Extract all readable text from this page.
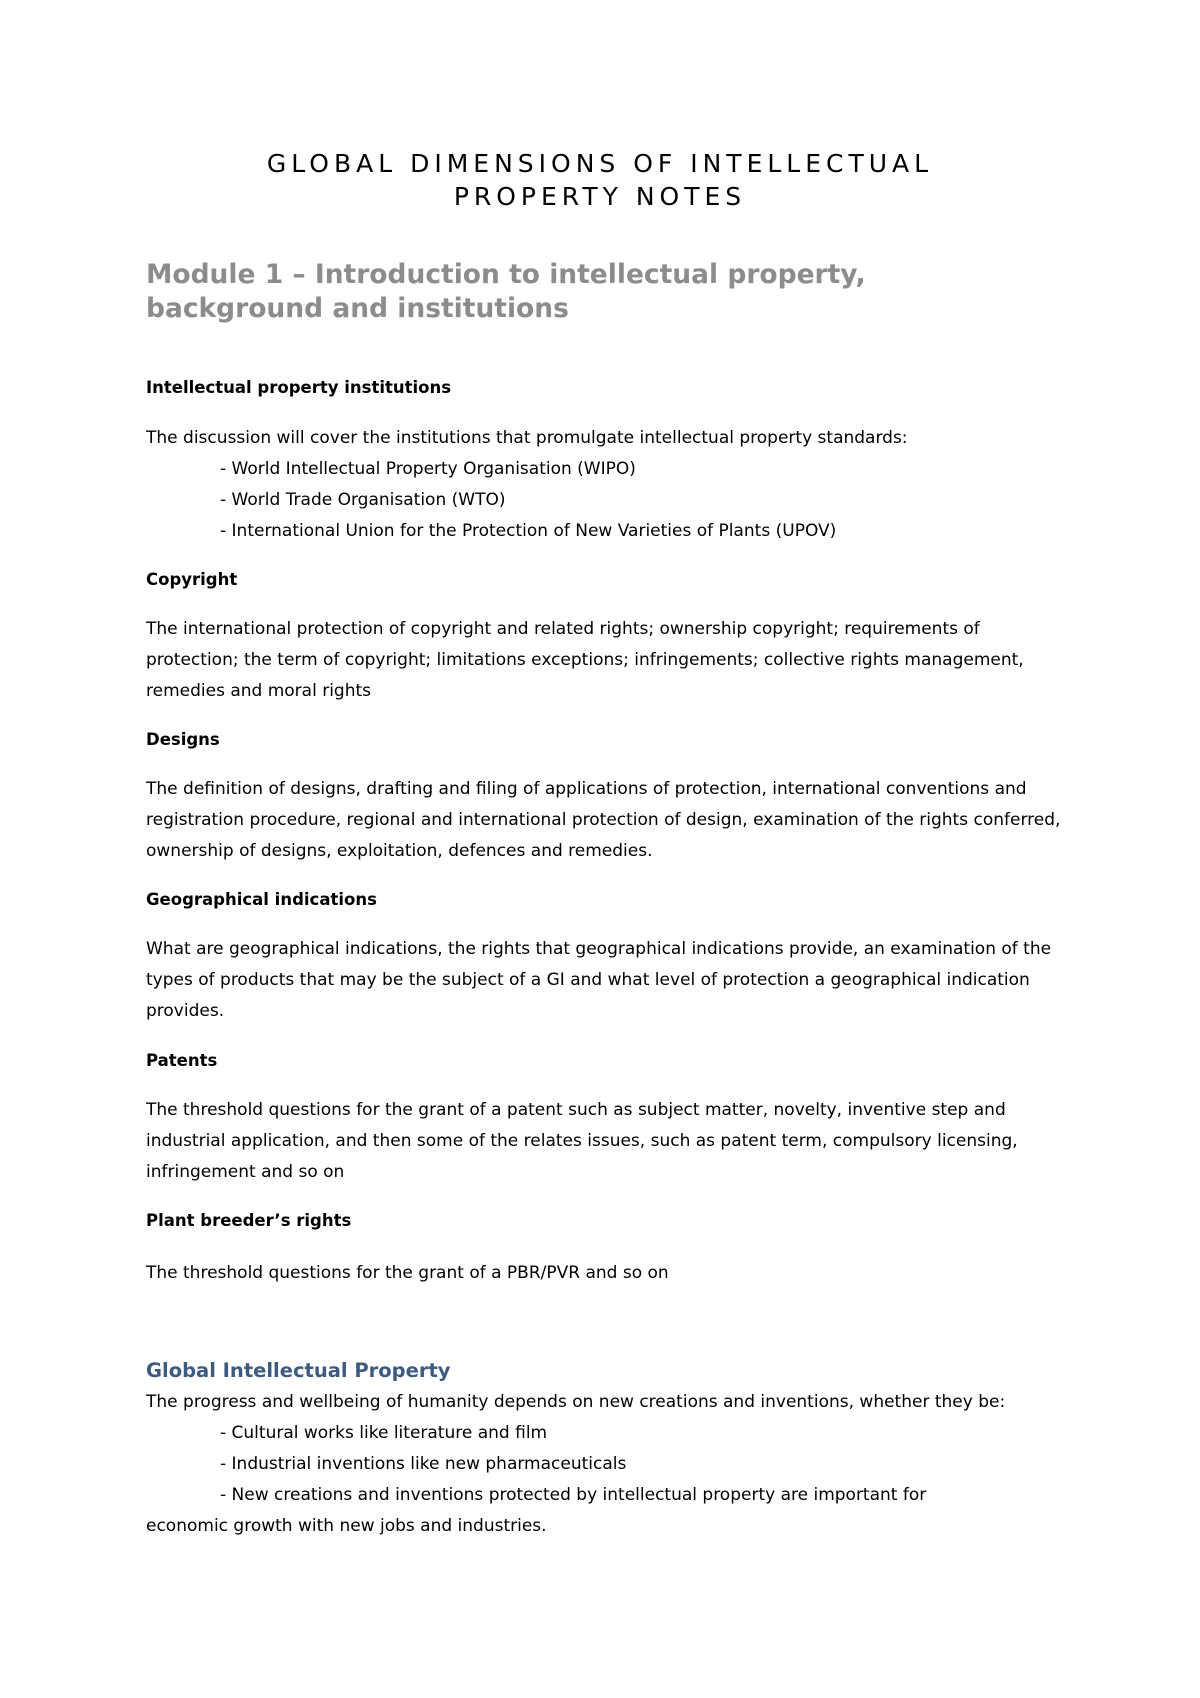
GLOBAL DIMENSIONS OF INTELLECTUAL
PROPERTY NOTES
Module 1 – Introduction to intellectual property,
background and institutions
Intellectual property institutions
The discussion will cover the institutions that promulgate intellectual property standards:
- World Intellectual Property Organisation (WIPO)
- World Trade Organisation (WTO)
- International Union for the Protection of New Varieties of Plants (UPOV)
Copyright
The international protection of copyright and related rights; ownership copyright; requirements of protection; the term of copyright; limitations exceptions; infringements; collective rights management, remedies and moral rights
Designs
The definition of designs, drafting and filing of applications of protection, international conventions and registration procedure, regional and international protection of design, examination of the rights conferred, ownership of designs, exploitation, defences and remedies.
Geographical indications
What are geographical indications, the rights that geographical indications provide, an examination of the types of products that may be the subject of a GI and what level of protection a geographical indication provides.
Patents
The threshold questions for the grant of a patent such as subject matter, novelty, inventive step and industrial application, and then some of the relates issues, such as patent term, compulsory licensing, infringement and so on
Plant breeder’s rights
The threshold questions for the grant of a PBR/PVR and so on
Global Intellectual Property
The progress and wellbeing of humanity depends on new creations and inventions, whether they be:
- Cultural works like literature and film
- Industrial inventions like new pharmaceuticals
- New creations and inventions protected by intellectual property are important for
economic growth with new jobs and industries.
